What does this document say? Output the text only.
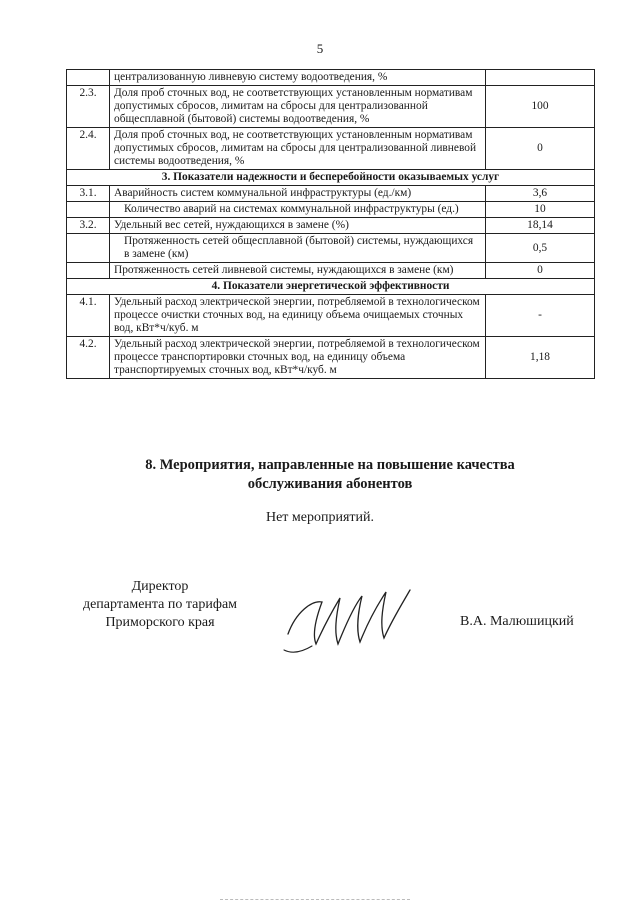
5
	централизованную ливневую систему водоотведения, %	
2.3.	Доля проб сточных вод, не соответствующих установленным нормативам допустимых сбросов, лимитам на сбросы для централизованной общесплавной (бытовой) системы водоотведения, %	100
2.4.	Доля проб сточных вод, не соответствующих установленным нормативам допустимых сбросов, лимитам на сбросы для централизованной ливневой системы водоотведения, %	0
3. Показатели надежности и бесперебойности оказываемых услуг		
3.1.	Аварийность систем коммунальной инфраструктуры (ед./км)	3,6
	Количество аварий на системах коммунальной инфраструктуры (ед.)	10
3.2.	Удельный вес сетей, нуждающихся в замене (%)	18,14
	Протяженность сетей общесплавной (бытовой) системы, нуждающихся в замене (км)	0,5
	Протяженность сетей ливневой системы, нуждающихся в замене (км)	0
4. Показатели энергетической эффективности		
4.1.	Удельный расход электрической энергии, потребляемой в технологическом процессе очистки сточных вод, на единицу объема очищаемых сточных вод, кВт*ч/куб. м	-
4.2.	Удельный расход электрической энергии, потребляемой в технологическом процессе транспортировки сточных вод, на единицу объема транспортируемых сточных вод, кВт*ч/куб. м	1,18
8. Мероприятия, направленные на повышение качества
обслуживания абонентов
Нет мероприятий.
Директор
департамента по тарифам
Приморского края	В.А. Малюшицкий
